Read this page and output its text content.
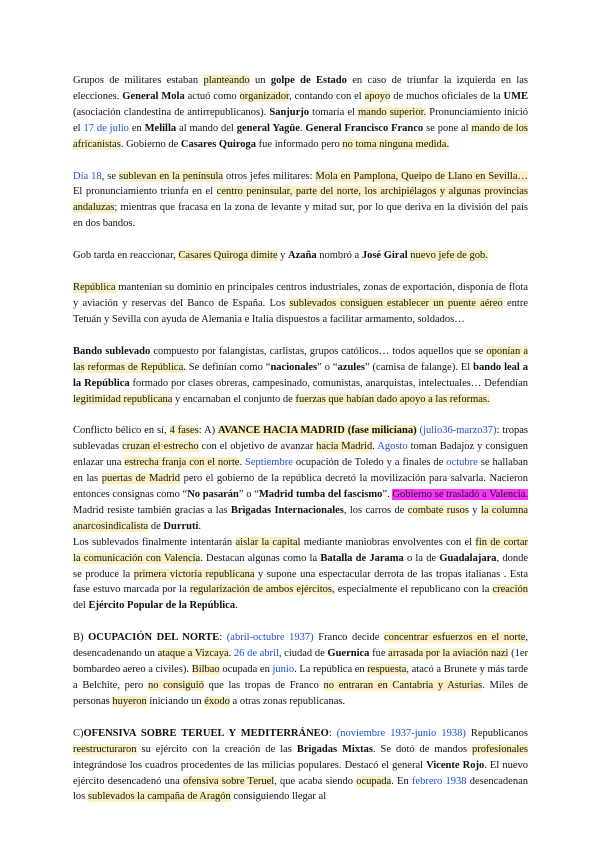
Grupos de militares estaban planteando un golpe de Estado en caso de triunfar la izquierda en las elecciones. General Mola actuó como organizador, contando con el apoyo de muchos oficiales de la UME (asociación clandestina de antirrepublicanos). Sanjurjo tomaría el mando superior. Pronunciamiento inició el 17 de julio en Melilla al mando del general Yagüe. General Francisco Franco se pone al mando de los africanistas. Gobierno de Casares Quiroga fue informado pero no toma ninguna medida.

Día 18, se sublevan en la península otros jefes militares: Mola en Pamplona, Queipo de Llano en Sevilla… El pronunciamiento triunfa en el centro peninsular, parte del norte, los archipiélagos y algunas provincias andaluzas; mientras que fracasa en la zona de levante y mitad sur, por lo que deriva en la división del país en dos bandos.

Gob tarda en reaccionar, Casares Quiroga dimite y Azaña nombró a José Giral nuevo jefe de gob.

República mantenían su dominio en principales centros industriales, zonas de exportación, disponía de flota y aviación y reservas del Banco de España. Los sublevados consiguen establecer un puente aéreo entre Tetuán y Sevilla con ayuda de Alemania e Italia dispuestos a facilitar armamento, soldados…

Bando sublevado compuesto por falangistas, carlistas, grupos católicos… todos aquellos que se oponían a las reformas de República. Se definían como “nacionales” o “azules” (camisa de falange). El bando leal a la República formado por clases obreras, campesinado, comunistas, anarquistas, intelectuales… Defendían legitimidad republicana y encarnaban el conjunto de fuerzas que habían dado apoyo a las reformas.

Conflicto bélico en sí, 4 fases: A) AVANCE HACIA MADRID (fase miliciana) (julio36-marzo37): tropas sublevadas cruzan el estrecho con el objetivo de avanzar hacia Madrid. Agosto toman Badajoz y consiguen enlazar una estrecha franja con el norte. Septiembre ocupación de Toledo y a finales de octubre se hallaban en las puertas de Madrid pero el gobierno de la república decretó la movilización para salvarla. Nacieron entonces consignas como “No pasarán” o “Madrid tumba del fascismo”. Gobierno se trasladó a Valencia. Madrid resiste también gracias a las Brigadas Internacionales, los carros de combate rusos y la columna anarcosindicalista de Durruti.

Los sublevados finalmente intentarán aislar la capital mediante maniobras envolventes con el fin de cortar la comunicación con Valencia. Destacan algunas como la Batalla de Jarama o la de Guadalajara, donde se produce la primera victoria republicana y supone una espectacular derrota de las tropas italianas . Esta fase estuvo marcada por la regularización de ambos ejércitos, especialmente el republicano con la creación del Ejército Popular de la República.

B) OCUPACIÓN DEL NORTE: (abril-octubre 1937) Franco decide concentrar esfuerzos en el norte, desencadenando un ataque a Vizcaya. 26 de abril, ciudad de Guernica fue arrasada por la aviación nazi (1er bombardeo aereo a civiles). Bilbao ocupada en junio. La república en respuesta, atacó a Brunete y más tarde a Belchite, pero no consiguió que las tropas de Franco no entraran en Cantabria y Asturias. Miles de personas huyeron iniciando un éxodo a otras zonas republicanas.

C)OFENSIVA SOBRE TERUEL Y MEDITERRÁNEO: (noviembre 1937-junio 1938) Republicanos reestructuraron su ejército con la creación de las Brigadas Mixtas. Se dotó de mandos profesionales integrándose los cuadros procedentes de las milicias populares. Destacó el general Vicente Rojo. El nuevo ejército desencadenó una ofensiva sobre Teruel, que acaba siendo ocupada. En febrero 1938 desencadenan los sublevados la campaña de Aragón consiguiendo llegar al
